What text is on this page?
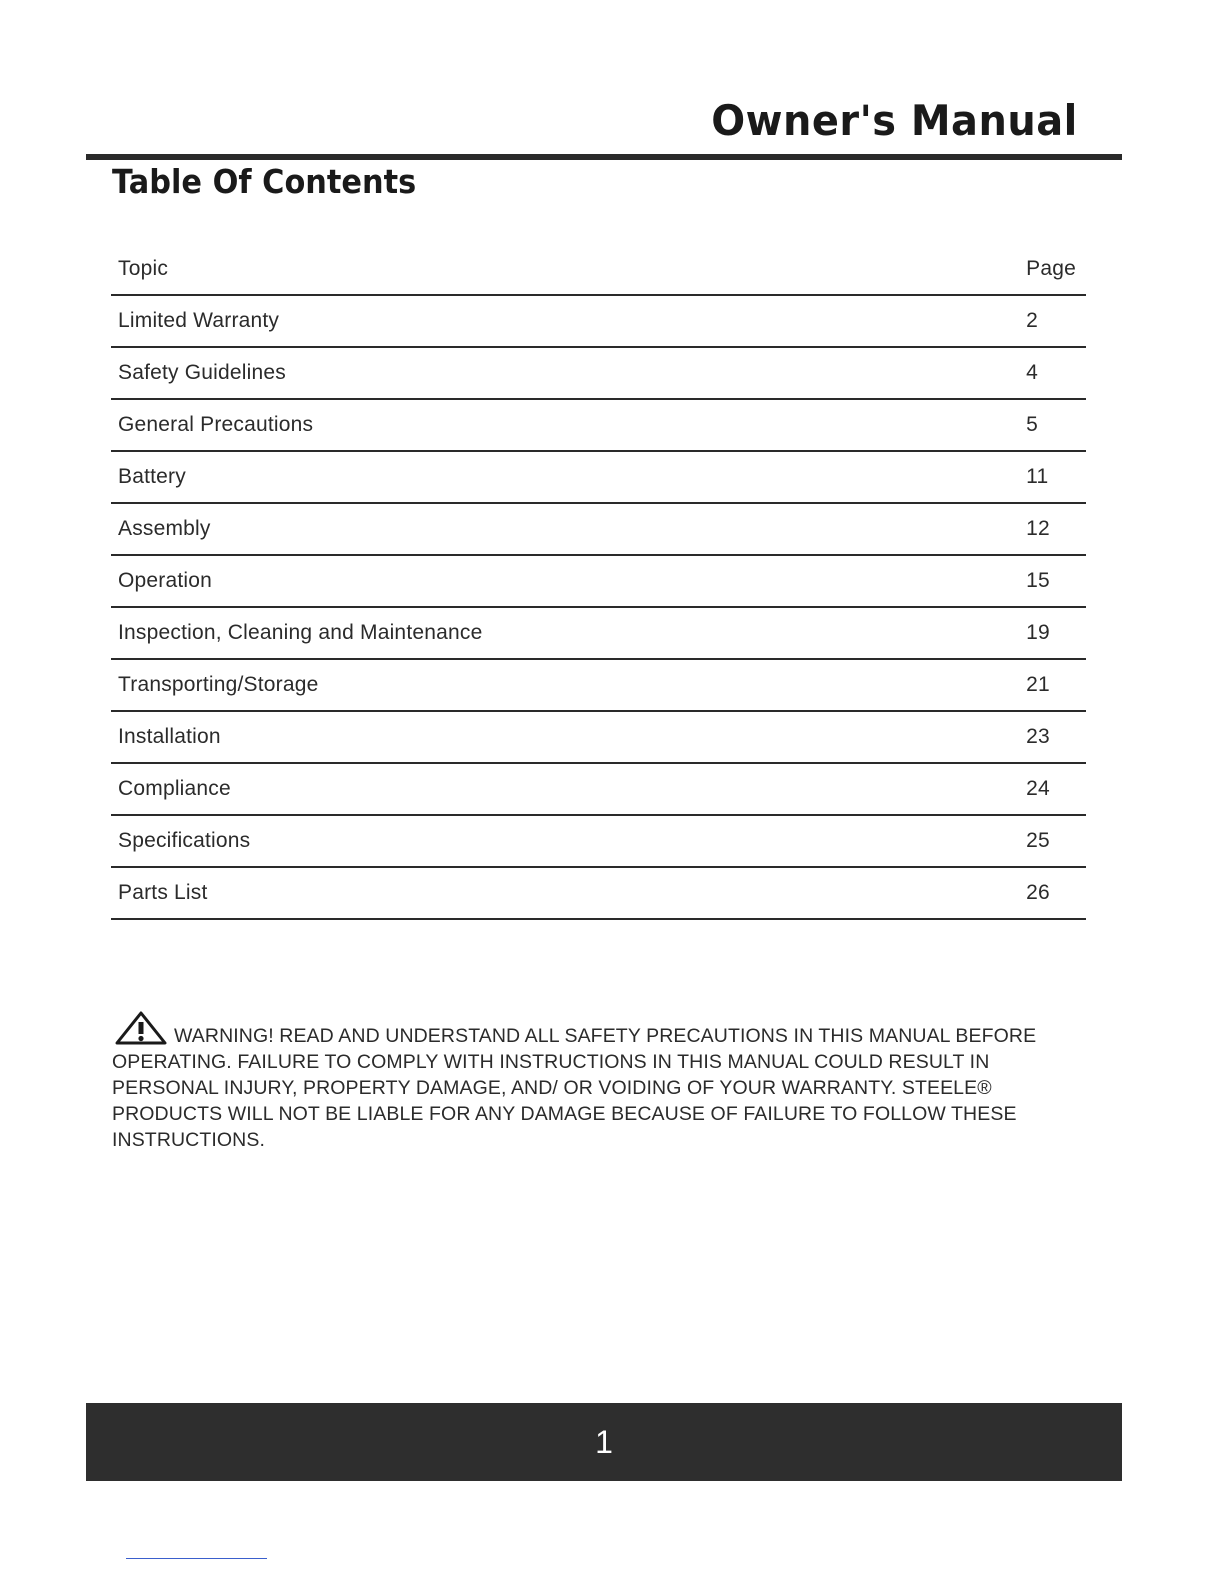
Owner's Manual
Table Of Contents
Topic	Page
Limited Warranty	2
Safety Guidelines	4
General Precautions	5
Battery	11
Assembly	12
Operation	15
Inspection, Cleaning and Maintenance	19
Transporting/Storage	21
Installation	23
Compliance	24
Specifications	25
Parts List	26

WARNING! READ AND UNDERSTAND ALL SAFETY PRECAUTIONS IN THIS MANUAL BEFORE OPERATING. FAILURE TO COMPLY WITH INSTRUCTIONS IN THIS MANUAL COULD RESULT IN PERSONAL INJURY, PROPERTY DAMAGE, AND/ OR VOIDING OF YOUR WARRANTY. STEELE® PRODUCTS WILL NOT BE LIABLE FOR ANY DAMAGE BECAUSE OF FAILURE TO FOLLOW THESE INSTRUCTIONS.

1
